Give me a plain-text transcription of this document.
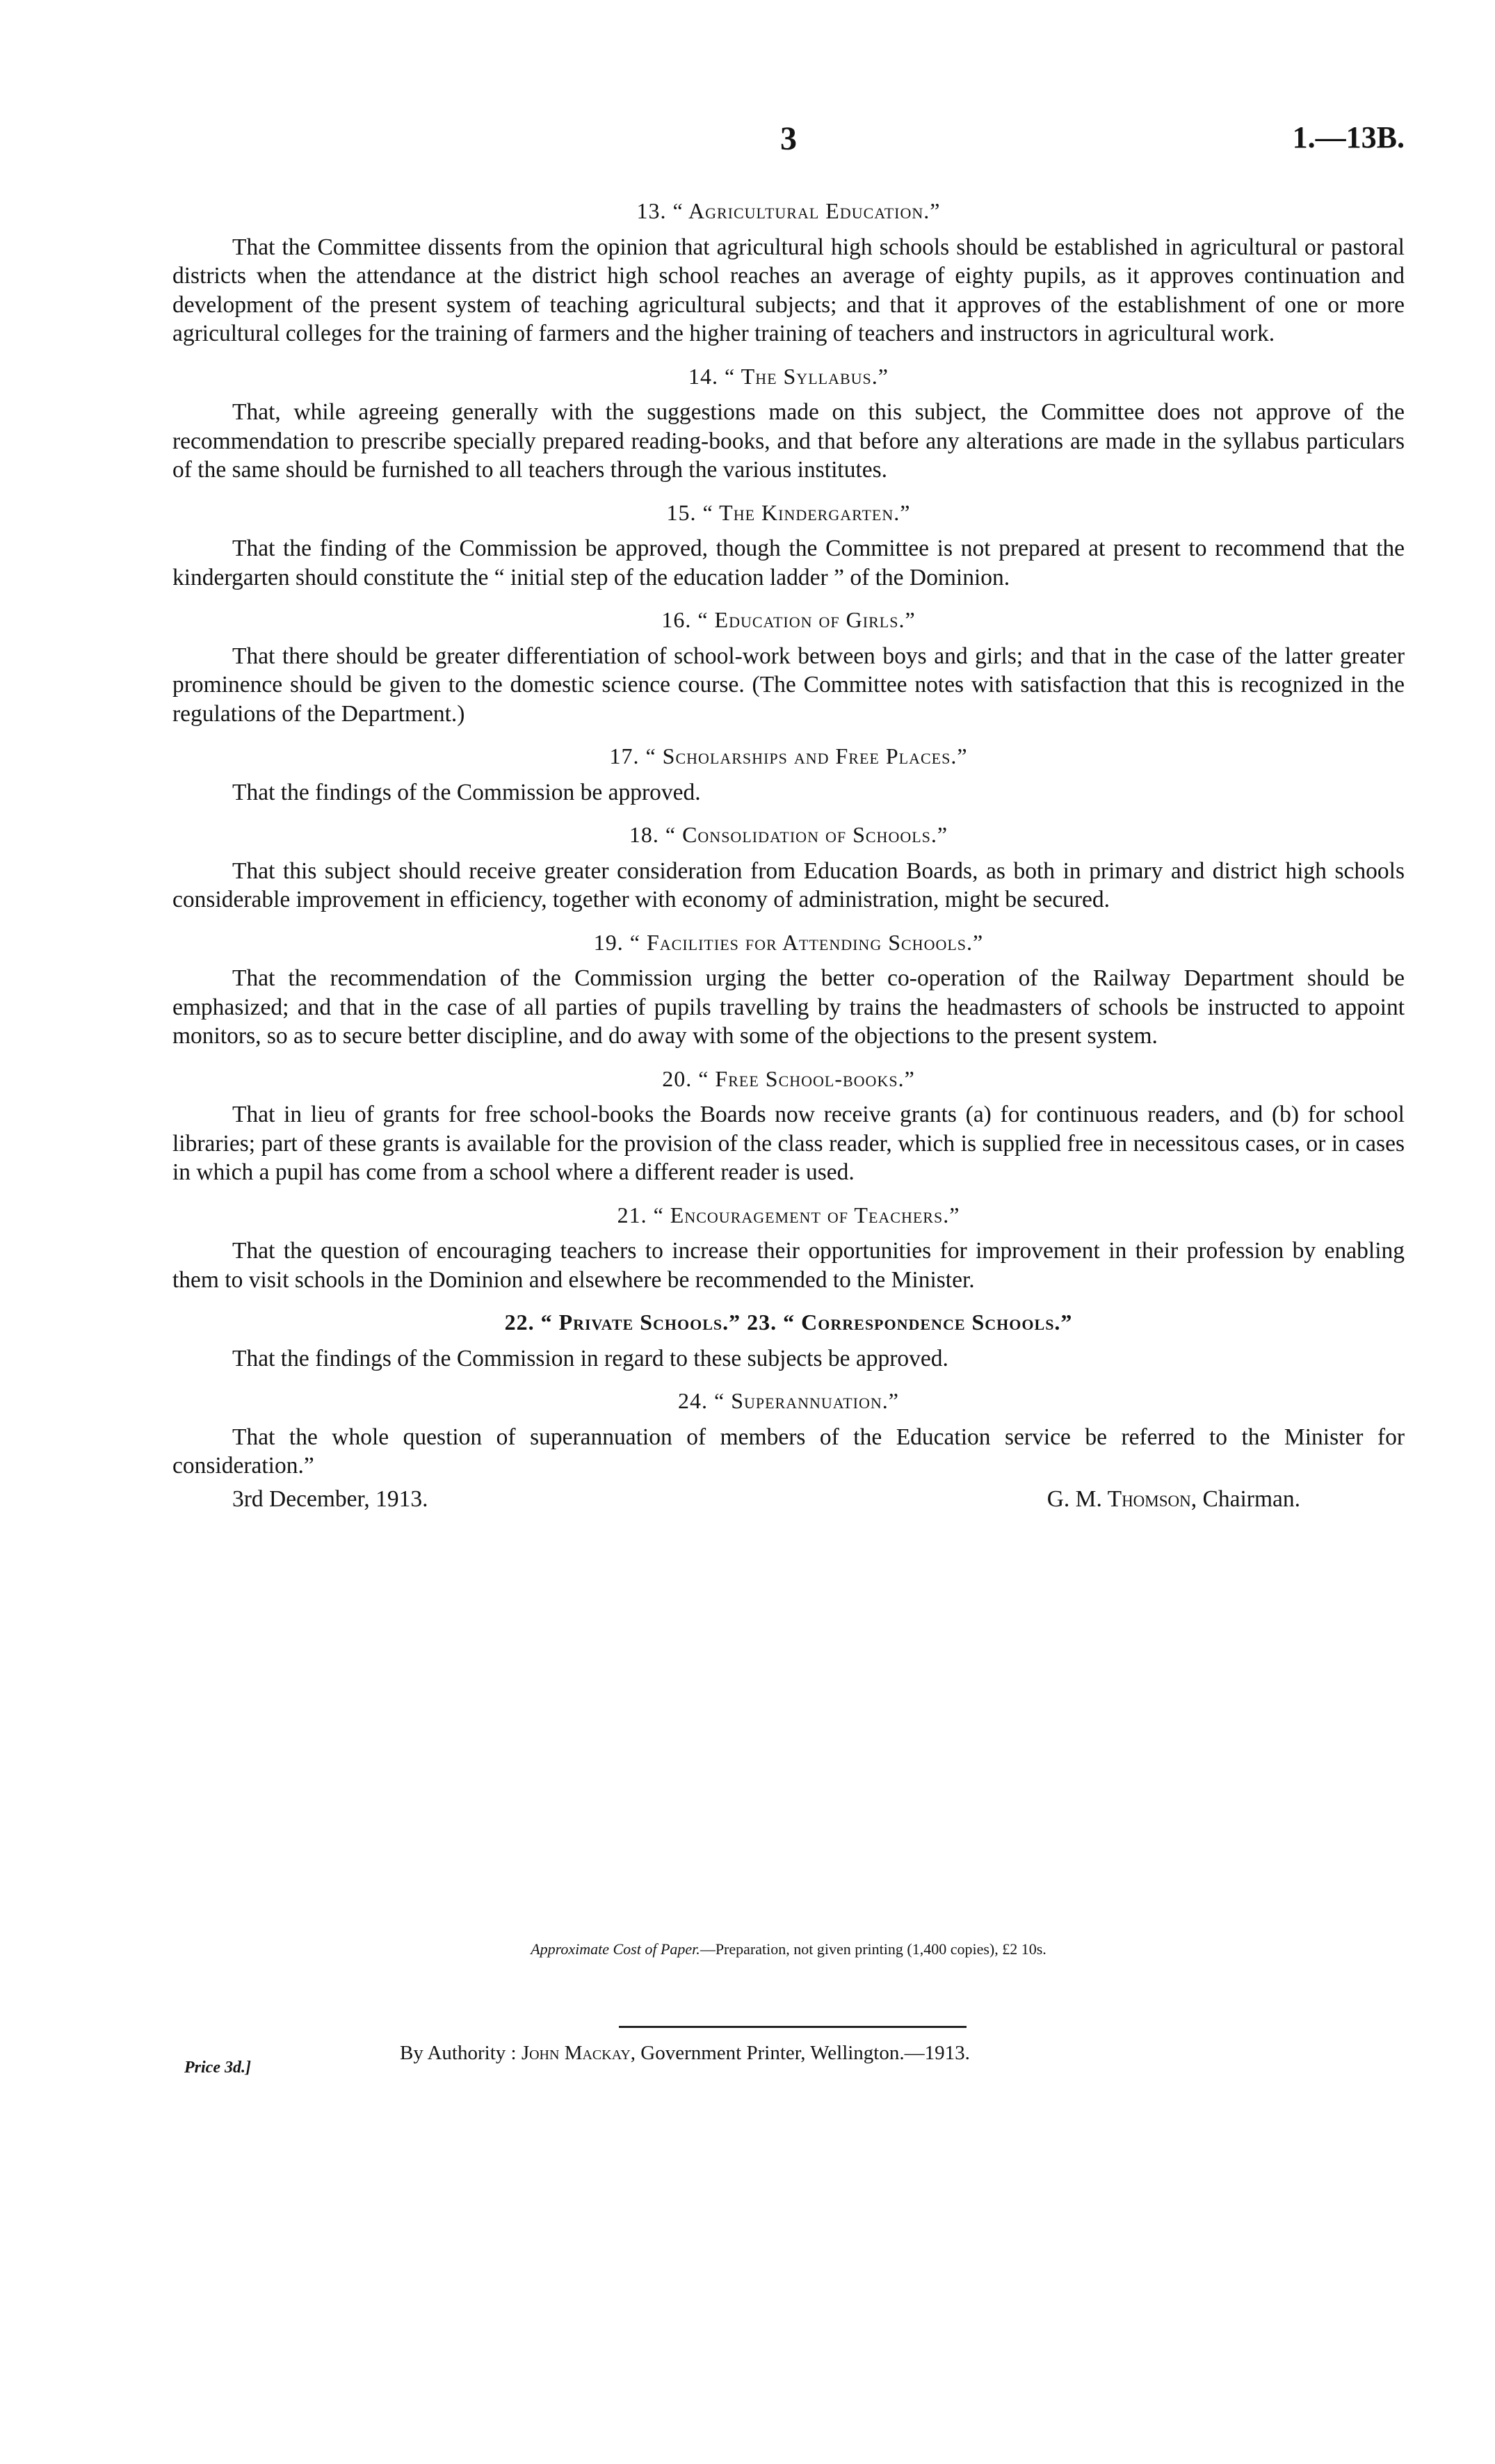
3	1.—13B.
13. “ Agricultural Education.”

That the Committee dissents from the opinion that agricultural high schools should be established in agricultural or pastoral districts when the attendance at the district high school reaches an average of eighty pupils, as it approves continuation and development of the present system of teaching agricultural subjects; and that it approves of the establishment of one or more agricultural colleges for the training of farmers and the higher training of teachers and instructors in agricultural work.

14. “ The Syllabus.”

That, while agreeing generally with the suggestions made on this subject, the Committee does not approve of the recommendation to prescribe specially prepared reading-books, and that before any alterations are made in the syllabus particulars of the same should be furnished to all teachers through the various institutes.

15. “ The Kindergarten.”

That the finding of the Commission be approved, though the Committee is not prepared at present to recommend that the kindergarten should constitute the “ initial step of the education ladder ” of the Dominion.

16. “ Education of Girls.”

That there should be greater differentiation of school-work between boys and girls; and that in the case of the latter greater prominence should be given to the domestic science course. (The Committee notes with satisfaction that this is recognized in the regulations of the Department.)

17. “ Scholarships and Free Places.”

That the findings of the Commission be approved.

18. “ Consolidation of Schools.”

That this subject should receive greater consideration from Education Boards, as both in primary and district high schools considerable improvement in efficiency, together with economy of administration, might be secured.

19. “ Facilities for Attending Schools.”

That the recommendation of the Commission urging the better co-operation of the Railway Department should be emphasized; and that in the case of all parties of pupils travelling by trains the headmasters of schools be instructed to appoint monitors, so as to secure better discipline, and do away with some of the objections to the present system.

20. “ Free School-books.”

That in lieu of grants for free school-books the Boards now receive grants (a) for continuous readers, and (b) for school libraries; part of these grants is available for the provision of the class reader, which is supplied free in necessitous cases, or in cases in which a pupil has come from a school where a different reader is used.

21. “ Encouragement of Teachers.”

That the question of encouraging teachers to increase their opportunities for improvement in their profession by enabling them to visit schools in the Dominion and elsewhere be recommended to the Minister.

22. “ Private Schools.” 23. “ Correspondence Schools.”

That the findings of the Commission in regard to these subjects be approved.

24. “ Superannuation.”

That the whole question of superannuation of members of the Education service be referred to the Minister for consideration.”

3rd December, 1913.	G. M. Thomson, Chairman.
Approximate Cost of Paper.—Preparation, not given printing (1,400 copies), £2 10s.
Price 3d.]
By Authority : John Mackay, Government Printer, Wellington.—1913.
